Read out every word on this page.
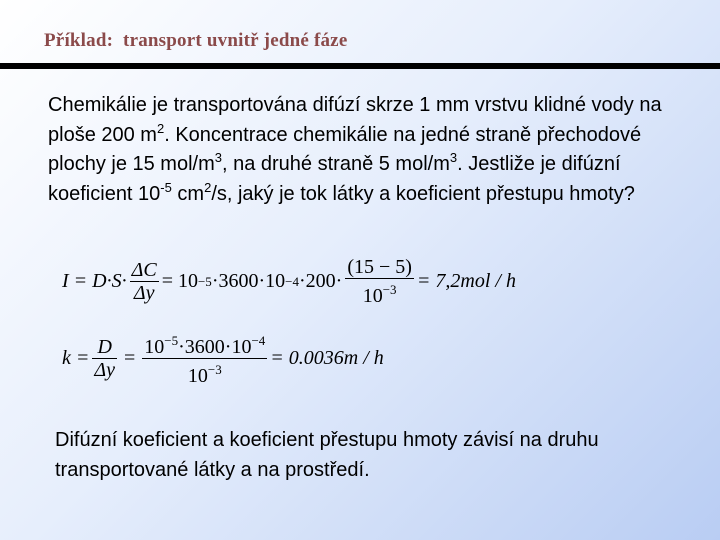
Příklad:  transport uvnitř jedné fáze
Chemikálie je transportována difúzí skrze 1 mm vrstvu klidné vody na ploše 200 $m^2$. Koncentrace chemikálie na jedné straně přechodové plochy je 15 mol/$m^3$, na druhé straně 5 mol/$m^3$. Jestliže je difúzní koeficient $10^{-5}$ $cm^2/s$, jaký je tok látky a koeficient přestupu hmoty?
$I = D\cdot S\cdot \frac{\Delta C}{\Delta y} = 10 -5 \cdot 3600\cdot 10 -4 \cdot 200\cdot \frac{(15 - 5)}{10^{-3}} = 7,2mol / h$
$k = \frac{D}{\Delta y} = \frac{10^{-5}\cdot 3600\cdot 10^{-4}}{10^{-3}} = 0.0036m / h$
Difúzní koeficient a koeficient přestupu hmoty závisí na druhu transportované látky a na prostředí.
